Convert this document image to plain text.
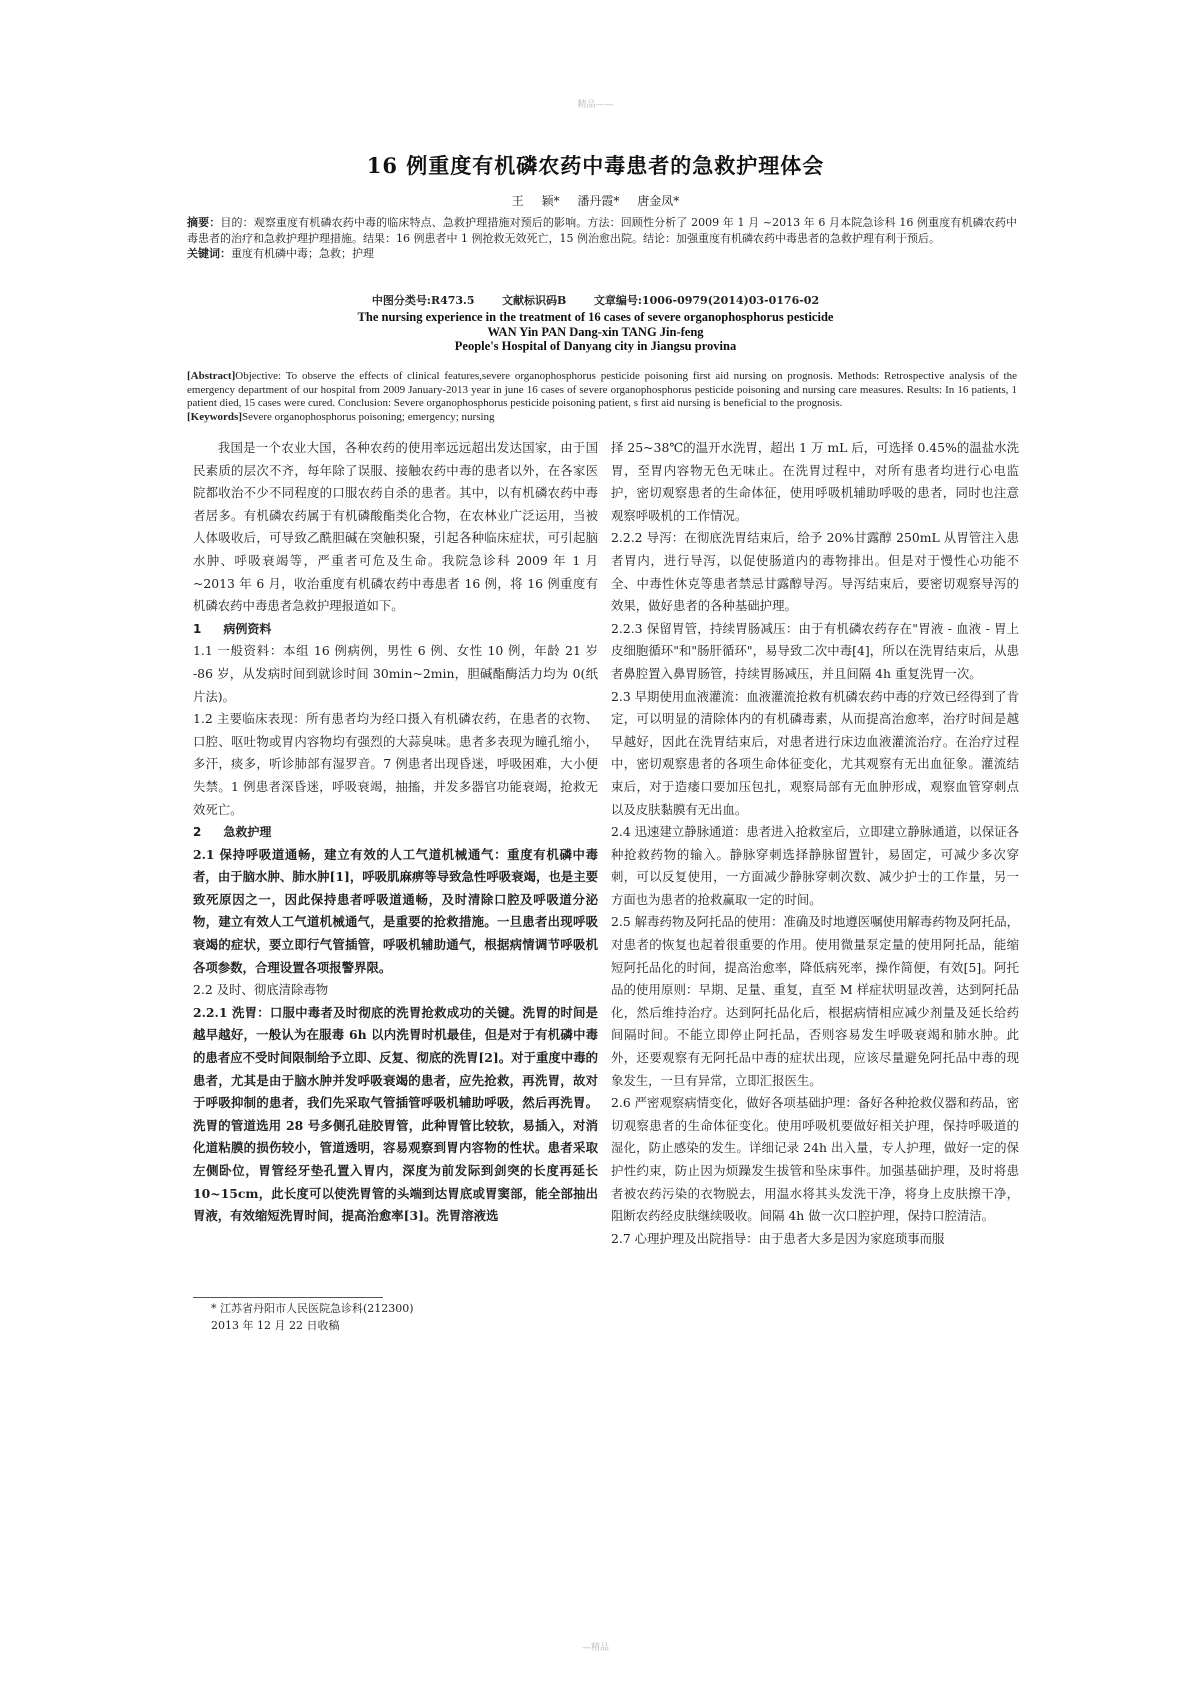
精品——
16 例重度有机磷农药中毒患者的急救护理体会
王 颖* 潘丹霞* 唐金凤*
摘要：目的：观察重度有机磷农药中毒的临床特点、急救护理措施对预后的影响。方法：回顾性分析了 2009 年 1 月 ~2013 年 6 月本院急诊科 16 例重度有机磷农药中毒患者的治疗和急救护理护理措施。结果：16 例患者中 1 例抢救无效死亡，15 例治愈出院。结论：加强重度有机磷农药中毒患者的急救护理有利于预后。
关键词：重度有机磷中毒；急救；护理
中图分类号:R473.5	文献标识码B	文章编号:1006-0979(2014)03-0176-02
The nursing experience in the treatment of 16 cases of severe organophosphorus pesticide
WAN Yin PAN Dang-xin TANG Jin-feng
People's Hospital of Danyang city in Jiangsu provina
[Abstract]Objective: To observe the effects of clinical features,severe organophosphorus pesticide poisoning first aid nursing on prognosis. Methods: Retrospective analysis of the emergency department of our hospital from 2009 January-2013 year in june 16 cases of severe organophosphorus pesticide poisoning and nursing care measures. Results: In 16 patients, 1 patient died, 15 cases were cured. Conclusion: Severe organophosphorus pesticide poisoning patient, s first aid nursing is beneficial to the prognosis.
[Keywords]Severe organophosphorus poisoning; emergency; nursing

我国是一个农业大国，各种农药的使用率远远超出发达国家，由于国民素质的层次不齐，每年除了误服、接触农药中毒的患者以外，在各家医院都收治不少不同程度的口服农药自杀的患者。其中，以有机磷农药中毒者居多。有机磷农药属于有机磷酸酯类化合物，在农林业广泛运用，当被人体吸收后，可导致乙酰胆碱在突触积聚，引起各种临床症状，可引起脑水肿、呼吸衰竭等，严重者可危及生命。我院急诊科 2009 年 1 月 ~2013 年 6 月，收治重度有机磷农药中毒患者 16 例，将 16 例重度有机磷农药中毒患者急救护理报道如下。

1 病例资料

1.1 一般资料：本组 16 例病例，男性 6 例、女性 10 例，年龄 21 岁 -86 岁，从发病时间到就诊时间 30min~2min，胆碱酯酶活力均为 0(纸片法)。

1.2 主要临床表现：所有患者均为经口摄入有机磷农药，在患者的衣物、口腔、呕吐物或胃内容物均有强烈的大蒜臭味。患者多表现为瞳孔缩小，多汗，痰多，听诊肺部有湿罗音。7 例患者出现昏迷，呼吸困难，大小便失禁。1 例患者深昏迷，呼吸衰竭，抽搐，并发多器官功能衰竭，抢救无效死亡。

2 急救护理

2.1 保持呼吸道通畅，建立有效的人工气道机械通气：重度有机磷中毒者，由于脑水肿、肺水肿[1]，呼吸肌麻痹等导致急性呼吸衰竭，也是主要致死原因之一，因此保持患者呼吸道通畅，及时清除口腔及呼吸道分泌物，建立有效人工气道机械通气，是重要的抢救措施。一旦患者出现呼吸衰竭的症状，要立即行气管插管，呼吸机辅助通气，根据病情调节呼吸机各项参数，合理设置各项报警界限。

2.2 及时、彻底清除毒物

2.2.1 洗胃：口服中毒者及时彻底的洗胃抢救成功的关键。洗胃的时间是越早越好，一般认为在服毒 6h 以内洗胃时机最佳，但是对于有机磷中毒的患者应不受时间限制给予立即、反复、彻底的洗胃[2]。对于重度中毒的患者，尤其是由于脑水肿并发呼吸衰竭的患者，应先抢救，再洗胃，故对于呼吸抑制的患者，我们先采取气管插管呼吸机辅助呼吸，然后再洗胃。洗胃的管道选用 28 号多侧孔硅胶胃管，此种胃管比较软，易插入，对消化道粘膜的损伤较小，管道透明，容易观察到胃内容物的性状。患者采取左侧卧位，胃管经牙垫孔置入胃内，深度为前发际到剑突的长度再延长 10~15cm，此长度可以使洗胃管的头端到达胃底或胃窦部，能全部抽出胃液，有效缩短洗胃时间，提高治愈率[3]。洗胃溶液选

择 25~38℃的温开水洗胃，超出 1 万 mL 后，可选择 0.45%的温盐水洗胃，至胃内容物无色无味止。在洗胃过程中，对所有患者均进行心电监护，密切观察患者的生命体征，使用呼吸机辅助呼吸的患者，同时也注意观察呼吸机的工作情况。

2.2.2 导泻：在彻底洗胃结束后，给予 20%甘露醇 250mL 从胃管注入患者胃内，进行导泻，以促使肠道内的毒物排出。但是对于慢性心功能不全、中毒性休克等患者禁忌甘露醇导泻。导泻结束后，要密切观察导泻的效果，做好患者的各种基础护理。

2.2.3 保留胃管，持续胃肠减压：由于有机磷农药存在"胃液 - 血液 - 胃上皮细胞循环"和"肠肝循环"，易导致二次中毒[4]，所以在洗胃结束后，从患者鼻腔置入鼻胃肠管，持续胃肠减压，并且间隔 4h 重复洗胃一次。

2.3 早期使用血液灌流：血液灌流抢救有机磷农药中毒的疗效已经得到了肯定，可以明显的清除体内的有机磷毒素，从而提高治愈率，治疗时间是越早越好，因此在洗胃结束后，对患者进行床边血液灌流治疗。在治疗过程中，密切观察患者的各项生命体征变化，尤其观察有无出血征象。灌流结束后，对于造瘘口要加压包扎，观察局部有无血肿形成，观察血管穿刺点以及皮肤黏膜有无出血。

2.4 迅速建立静脉通道：患者进入抢救室后，立即建立静脉通道，以保证各种抢救药物的输入。静脉穿刺选择静脉留置针，易固定，可减少多次穿刺，可以反复使用，一方面减少静脉穿刺次数、减少护士的工作量，另一方面也为患者的抢救赢取一定的时间。

2.5 解毒药物及阿托品的使用：准确及时地遵医嘱使用解毒药物及阿托品，对患者的恢复也起着很重要的作用。使用微量泵定量的使用阿托品，能缩短阿托品化的时间，提高治愈率，降低病死率，操作简便，有效[5]。阿托品的使用原则：早期、足量、重复，直至 M 样症状明显改善，达到阿托品化，然后维持治疗。达到阿托品化后，根据病情相应减少剂量及延长给药间隔时间。不能立即停止阿托品，否则容易发生呼吸衰竭和肺水肿。此外，还要观察有无阿托品中毒的症状出现，应该尽量避免阿托品中毒的现象发生，一旦有异常，立即汇报医生。

2.6 严密观察病情变化，做好各项基础护理：备好各种抢救仪器和药品，密切观察患者的生命体征变化。使用呼吸机要做好相关护理，保持呼吸道的湿化，防止感染的发生。详细记录 24h 出入量，专人护理，做好一定的保护性约束，防止因为烦躁发生拔管和坠床事件。加强基础护理，及时将患者被农药污染的衣物脱去，用温水将其头发洗干净，将身上皮肤擦干净，阻断农药经皮肤继续吸收。间隔 4h 做一次口腔护理，保持口腔清洁。

2.7 心理护理及出院指导：由于患者大多是因为家庭琐事而服

* 江苏省丹阳市人民医院急诊科(212300)
2013 年 12 月 22 日收稿
—精品
